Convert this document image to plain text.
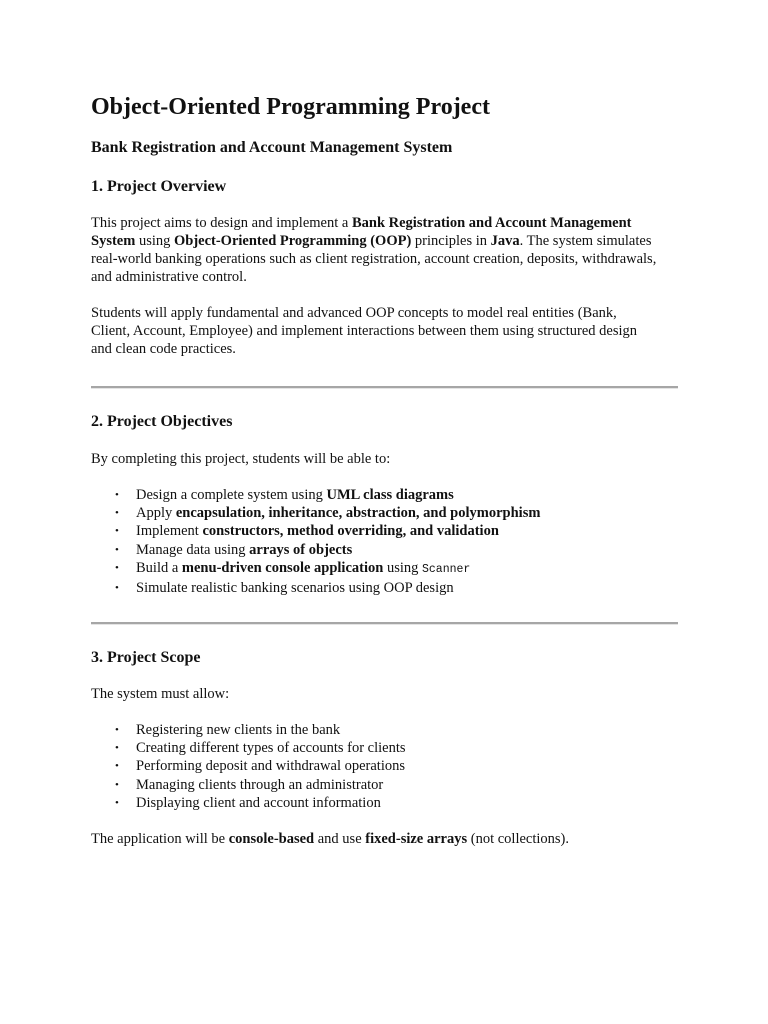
Object-Oriented Programming Project
Bank Registration and Account Management System
1. Project Overview

This project aims to design and implement a Bank Registration and Account Management
System using Object-Oriented Programming (OOP) principles in Java. The system simulates
real-world banking operations such as client registration, account creation, deposits, withdrawals,
and administrative control.

Students will apply fundamental and advanced OOP concepts to model real entities (Bank,
Client, Account, Employee) and implement interactions between them using structured design
and clean code practices.

2. Project Objectives

By completing this project, students will be able to:

• Design a complete system using UML class diagrams
• Apply encapsulation, inheritance, abstraction, and polymorphism
• Implement constructors, method overriding, and validation
• Manage data using arrays of objects
• Build a menu-driven console application using Scanner
• Simulate realistic banking scenarios using OOP design
3. Project Scope

The system must allow:

• Registering new clients in the bank
• Creating different types of accounts for clients
• Performing deposit and withdrawal operations
• Managing clients through an administrator
• Displaying client and account information

The application will be console-based and use fixed-size arrays (not collections).
